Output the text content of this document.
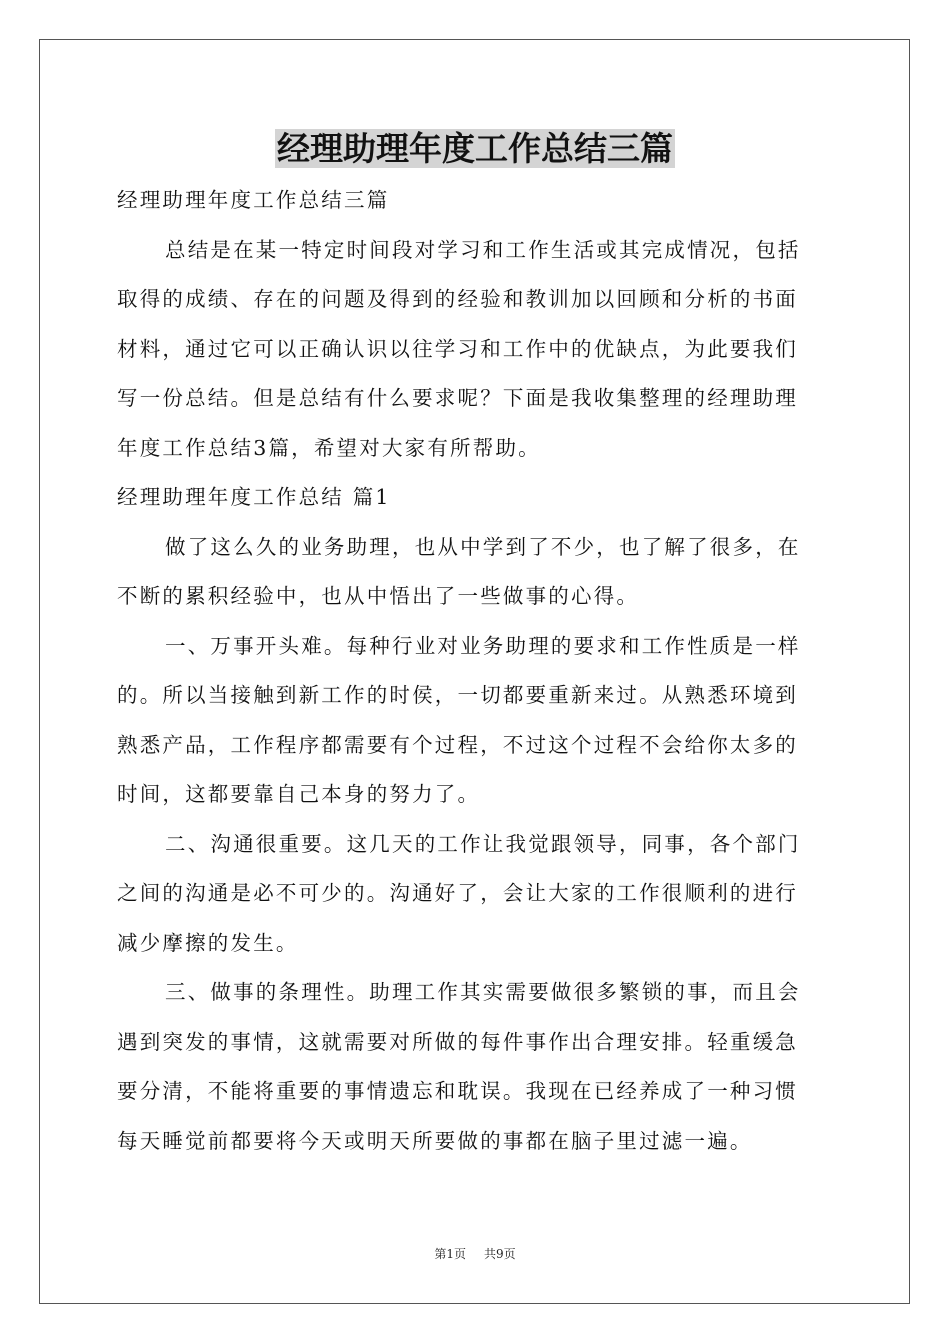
经理助理年度工作总结三篇

经理助理年度工作总结三篇

总结是在某一特定时间段对学习和工作生活或其完成情况，包括

取得的成绩、存在的问题及得到的经验和教训加以回顾和分析的书面

材料，通过它可以正确认识以往学习和工作中的优缺点，为此要我们

写一份总结。但是总结有什么要求呢？下面是我收集整理的经理助理

年度工作总结3篇，希望对大家有所帮助。

经理助理年度工作总结 篇1

做了这么久的业务助理，也从中学到了不少，也了解了很多，在

不断的累积经验中，也从中悟出了一些做事的心得。

一、万事开头难。每种行业对业务助理的要求和工作性质是一样

的。所以当接触到新工作的时侯，一切都要重新来过。从熟悉环境到

熟悉产品，工作程序都需要有个过程，不过这个过程不会给你太多的

时间，这都要靠自己本身的努力了。

二、沟通很重要。这几天的工作让我觉跟领导，同事，各个部门

之间的沟通是必不可少的。沟通好了，会让大家的工作很顺利的进行

减少摩擦的发生。

三、做事的条理性。助理工作其实需要做很多繁锁的事，而且会

遇到突发的事情，这就需要对所做的每件事作出合理安排。轻重缓急

要分清，不能将重要的事情遗忘和耽误。我现在已经养成了一种习惯

每天睡觉前都要将今天或明天所要做的事都在脑子里过滤一遍。

第1页 共9页
